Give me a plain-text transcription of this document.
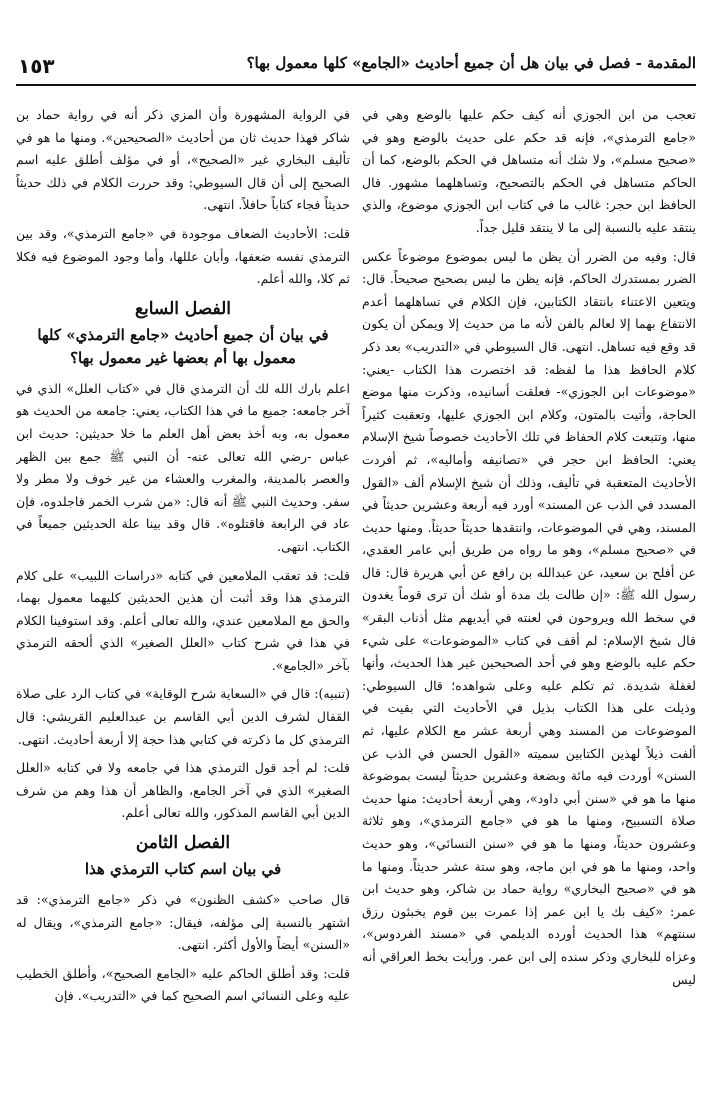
١٥٣	المقدمة - فصل في بيان هل أن جميع أحاديث «الجامع» كلها معمول بها؟

تعجب من ابن الجوزي أنه كيف حكم عليها بالوضع وهي في «جامع الترمذي»، فإنه قد حكم على حديث بالوضع وهو في «صحيح مسلم»، ولا شك أنه متساهل في الحكم بالوضع، كما أن الحاكم متساهل في الحكم بالتصحيح، وتساهلهما مشهور. قال الحافظ ابن حجر: غالب ما في كتاب ابن الجوزي موضوع، والذي ينتقد عليه بالنسبة إلى ما لا ينتقد قليل جداً.

قال: وفيه من الضرر أن يظن ما ليس بموضوع موضوعاً عكس الضرر بمستدرك الحاكم، فإنه يظن ما ليس بصحيح صحيحاً. قال: ويتعين الاعتناء بانتقاد الكتابين، فإن الكلام في تساهلهما أعدم الانتفاع بهما إلا لعالم بالفن لأنه ما من حديث إلا ويمكن أن يكون قد وقع فيه تساهل. انتهى. قال السيوطي في «التدريب» بعد ذكر كلام الحافظ هذا ما لفظه: قد اختصرت هذا الكتاب -يعني: «موضوعات ابن الجوزي»- فعلقت أسانيده، وذكرت منها موضع الحاجة، وأتيت بالمتون، وكلام ابن الجوزي عليها، وتعقبت كثيراً منها، وتتبعت كلام الحفاظ في تلك الأحاديث خصوصاً شيخ الإسلام يعني: الحافظ ابن حجر في «تصانيفه وأماليه»، ثم أفردت الأحاديث المتعقبة في تأليف، وذلك أن شيخ الإسلام ألف «القول المسدد في الذب عن المسند» أورد فيه أربعة وعشرين حديثاً في المسند، وهي في الموضوعات، وانتقدها حديثاً حديثاً. ومنها حديث في «صحيح مسلم»، وهو ما رواه من طريق أبي عامر العقدي، عن أفلح بن سعيد، عن عبدالله بن رافع عن أبي هريرة قال: قال رسول الله ﷺ: «إن طالت بك مدة أو شك أن ترى قوماً يغدون في سخط الله ويروحون في لعنته في أيديهم مثل أذناب البقر» قال شيخ الإسلام: لم أقف في كتاب «الموضوعات» على شيء حكم عليه بالوضع وهو في أحد الصحيحين غير هذا الحديث، وأنها لغفلة شديدة. ثم تكلم عليه وعلى شواهده؛ قال السيوطي: وذيلت على هذا الكتاب بذيل في الأحاديث التي بقيت في الموضوعات من المسند وهي أربعة عشر مع الكلام عليها، ثم ألفت ذيلاً لهذين الكتابين سميته «القول الحسن في الذب عن السنن» أوردت فيه مائة وبضعة وعشرين حديثاً ليست بموضوعة منها ما هو في «سنن أبي داود»، وهي أربعة أحاديث: منها حديث صلاة التسبيح، ومنها ما هو في «جامع الترمذي»، وهو ثلاثة وعشرون حديثاً، ومنها ما هو في «سنن النسائي»، وهو حديث واحد، ومنها ما هو في ابن ماجه، وهو ستة عشر حديثاً. ومنها ما هو في «صحيح البخاري» رواية حماد بن شاكر، وهو حديث ابن عمر: «كيف بك يا ابن عمر إذا عمرت بين قوم يخبئون رزق سنتهم» هذا الحديث أورده الديلمي في «مسند الفردوس»، وعزاه للبخاري وذكر سنده إلى ابن عمر. ورأيت بخط العراقي أنه ليس

في الرواية المشهورة وأن المزي ذكر أنه في رواية حماد بن شاكر فهذا حديث ثان من أحاديث «الصحيحين». ومنها ما هو في تأليف البخاري غير «الصحيح»، أو في مؤلف أطلق عليه اسم الصحيح إلى أن قال السيوطي: وقد حررت الكلام في ذلك حديثاً حديثاً فجاء كتاباً حافلاً. انتهى.

قلت: الأحاديث الضعاف موجودة في «جامع الترمذي»، وقد بين الترمذي نفسه ضعفها، وأبان عللها، وأما وجود الموضوع فيه فكلا ثم كلا، والله أعلم.

الفصل السابع
في بيان أن جميع أحاديث «جامع الترمذي» كلها معمول بها أم بعضها غير معمول بها؟

اعلم بارك الله لك أن الترمذي قال في «كتاب العلل» الذي في آخر جامعه: جميع ما في هذا الكتاب، يعني: جامعه من الحديث هو معمول به، وبه أخذ بعض أهل العلم ما خلا حديثين: حديث ابن عباس -رضي الله تعالى عنه- أن النبي ﷺ جمع بين الظهر والعصر بالمدينة، والمغرب والعشاء من غير خوف ولا مطر ولا سفر. وحديث النبي ﷺ أنه قال: «من شرب الخمر فاجلدوه، فإن عاد في الرابعة فاقتلوه». قال وقد بينا علة الحديثين جميعاً في الكتاب. انتهى.

قلت: قد تعقب الملامعين في كتابه «دراسات اللبيب» على كلام الترمذي هذا وقد أثبت أن هذين الحديثين كليهما معمول بهما، والحق مع الملامعين عندي، والله تعالى أعلم. وقد استوفينا الكلام في هذا في شرح كتاب «العلل الصغير» الذي ألحقه الترمذي بآخر «الجامع».

(تنبيه): قال في «السعاية شرح الوقاية» في كتاب الرد على صلاة القفال لشرف الدين أبي القاسم بن عبدالعليم القريشي: قال الترمذي كل ما ذكرته في كتابي هذا حجة إلا أربعة أحاديث. انتهى.

قلت: لم أجد قول الترمذي هذا في جامعه ولا في كتابه «العلل الصغير» الذي في آخر الجامع، والظاهر أن هذا وهم من شرف الدين أبي القاسم المذكور، والله تعالى أعلم.

الفصل الثامن
في بيان اسم كتاب الترمذي هذا

قال صاحب «كشف الظنون» في ذكر «جامع الترمذي»: قد اشتهر بالنسبة إلى مؤلفه، فيقال: «جامع الترمذي»، ويقال له «السنن» أيضاً والأول أكثر. انتهى.

قلت: وقد أطلق الحاكم عليه «الجامع الصحيح»، وأطلق الخطيب عليه وعلى النسائي اسم الصحيح كما في «التدريب». فإن
